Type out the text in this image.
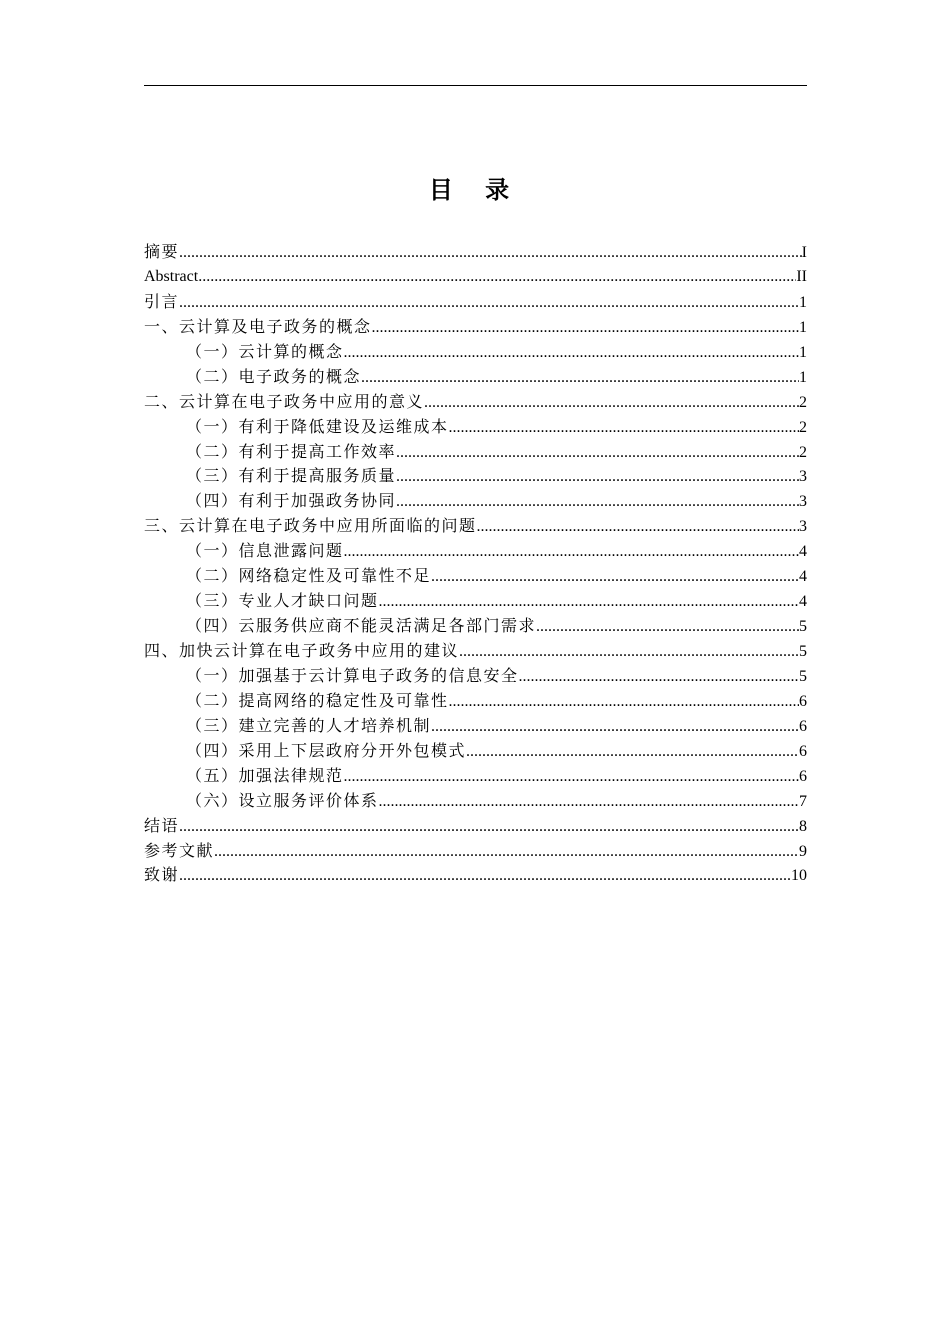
目 录
摘要 .....	I
Abstract .....	II
引言 .....	1
一、云计算及电子政务的概念 .....	1
（一）云计算的概念 .....	1
（二）电子政务的概念 .....	1
二、云计算在电子政务中应用的意义 .....	2
（一）有利于降低建设及运维成本 .....	2
（二）有利于提高工作效率 .....	2
（三）有利于提高服务质量 .....	3
（四）有利于加强政务协同 .....	3
三、云计算在电子政务中应用所面临的问题 .....	3
（一）信息泄露问题 .....	4
（二）网络稳定性及可靠性不足 .....	4
（三）专业人才缺口问题 .....	4
（四）云服务供应商不能灵活满足各部门需求 .....	5
四、加快云计算在电子政务中应用的建议 .....	5
（一）加强基于云计算电子政务的信息安全 .....	5
（二）提高网络的稳定性及可靠性 .....	6
（三）建立完善的人才培养机制 .....	6
（四）采用上下层政府分开外包模式 .....	6
（五）加强法律规范 .....	6
（六）设立服务评价体系 .....	7
结语 .....	8
参考文献 .....	9
致谢 .....	10
